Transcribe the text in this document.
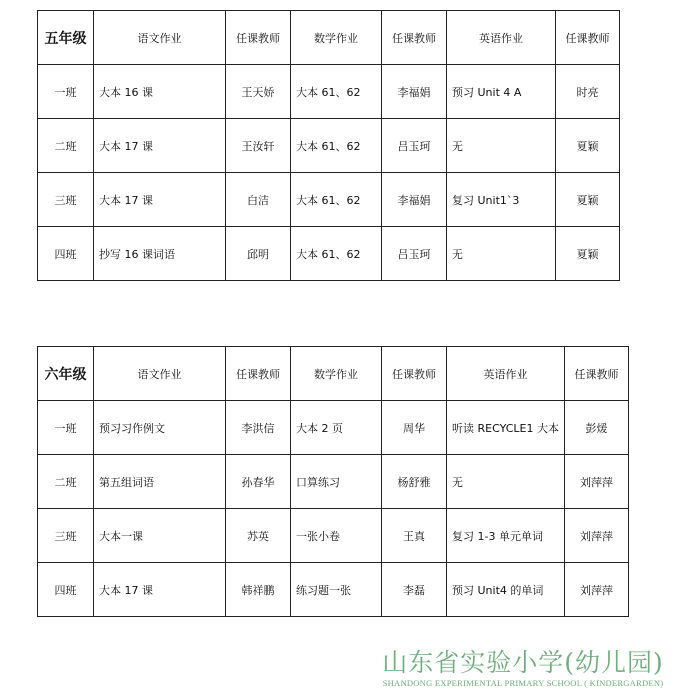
五年级	语文作业	任课教师	数学作业	任课教师	英语作业	任课教师
一班	大本 16 课	王天娇	大本 61、62	李福娟	预习 Unit 4 A	时亮
二班	大本 17 课	王汝轩	大本 61、62	吕玉珂	无	夏颖
三班	大本 17 课	白洁	大本 61、62	李福娟	复习 Unit1`3	夏颖
四班	抄写 16 课词语	邱明	大本 61、62	吕玉珂	无	夏颖
六年级	语文作业	任课教师	数学作业	任课教师	英语作业	任课教师
一班	预习习作例文	李洪信	大本 2 页	周华	听读 RECYCLE1 大本	彭煖
二班	第五组词语	孙春华	口算练习	杨舒雅	无	刘萍萍
三班	大本一课	苏英	一张小卷	王真	复习 1-3 单元单词	刘萍萍
四班	大本 17 课	韩祥鹏	练习题一张	李磊	预习 Unit4 的单词	刘萍萍
山东省实验小学(幼儿园)
SHANDONG EXPERIMENTAL PRIMARY SCHOOL ( KINDERGARDEN)
